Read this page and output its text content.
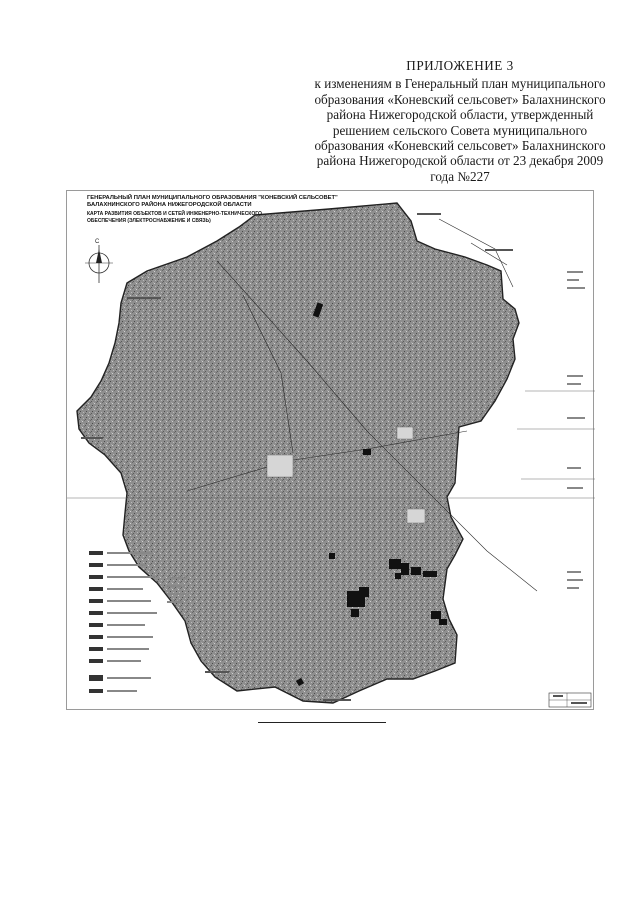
ПРИЛОЖЕНИЕ 3
к изменениям в Генеральный план муниципального
образования «Коневский сельсовет» Балахнинского
района Нижегородской области, утвержденный
решением сельского Совета муниципального
образования «Коневский сельсовет» Балахнинского
района Нижегородской области от 23 декабря 2009
года №227
С
ГЕНЕРАЛЬНЫЙ ПЛАН МУНИЦИПАЛЬНОГО ОБРАЗОВАНИЯ "КОНЕВСКИЙ СЕЛЬСОВЕТ"
БАЛАХНИНСКОГО РАЙОНА НИЖЕГОРОДСКОЙ ОБЛАСТИ
КАРТА РАЗВИТИЯ ОБЪЕКТОВ И СЕТЕЙ ИНЖЕНЕРНО-ТЕХНИЧЕСКОГО
ОБЕСПЕЧЕНИЯ (ЭЛЕКТРОСНАБЖЕНИЕ И СВЯЗЬ)
